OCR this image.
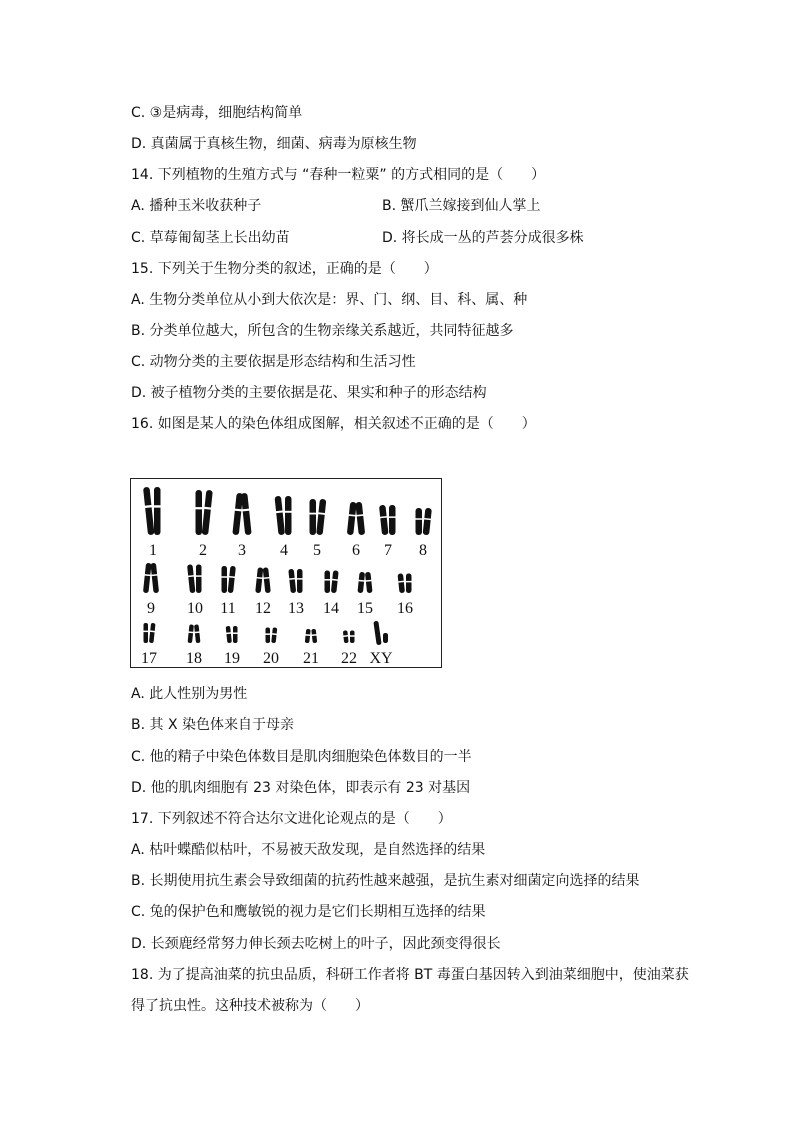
C. ③是病毒，细胞结构简单
D. 真菌属于真核生物，细菌、病毒为原核生物
14. 下列植物的生殖方式与 “春种一粒粟” 的方式相同的是（　　）
A. 播种玉米收获种子	B. 蟹爪兰嫁接到仙人掌上
C. 草莓匍匐茎上长出幼苗	D. 将长成一丛的芦荟分成很多株
15. 下列关于生物分类的叙述，正确的是（　　）
A. 生物分类单位从小到大依次是：界、门、纲、目、科、属、种
B. 分类单位越大，所包含的生物亲缘关系越近，共同特征越多
C. 动物分类的主要依据是形态结构和生活习性
D. 被子植物分类的主要依据是花、果实和种子的形态结构
16. 如图是某人的染色体组成图解，相关叙述不正确的是（　　）
1	2 3 4 5 6 7 8
9 10 11 12 13 14 15 16
17 18 19 20 21 22 XY
A. 此人性别为男性
B. 其 X 染色体来自于母亲
C. 他的精子中染色体数目是肌肉细胞染色体数目的一半
D. 他的肌肉细胞有 23 对染色体，即表示有 23 对基因
17. 下列叙述不符合达尔文进化论观点的是（　　）
A. 枯叶蝶酷似枯叶，不易被天敌发现，是自然选择的结果
B. 长期使用抗生素会导致细菌的抗药性越来越强，是抗生素对细菌定向选择的结果
C. 兔的保护色和鹰敏锐的视力是它们长期相互选择的结果
D. 长颈鹿经常努力伸长颈去吃树上的叶子，因此颈变得很长
18. 为了提高油菜的抗虫品质，科研工作者将 BT 毒蛋白基因转入到油菜细胞中，使油菜获
得了抗虫性。这种技术被称为（　　）
